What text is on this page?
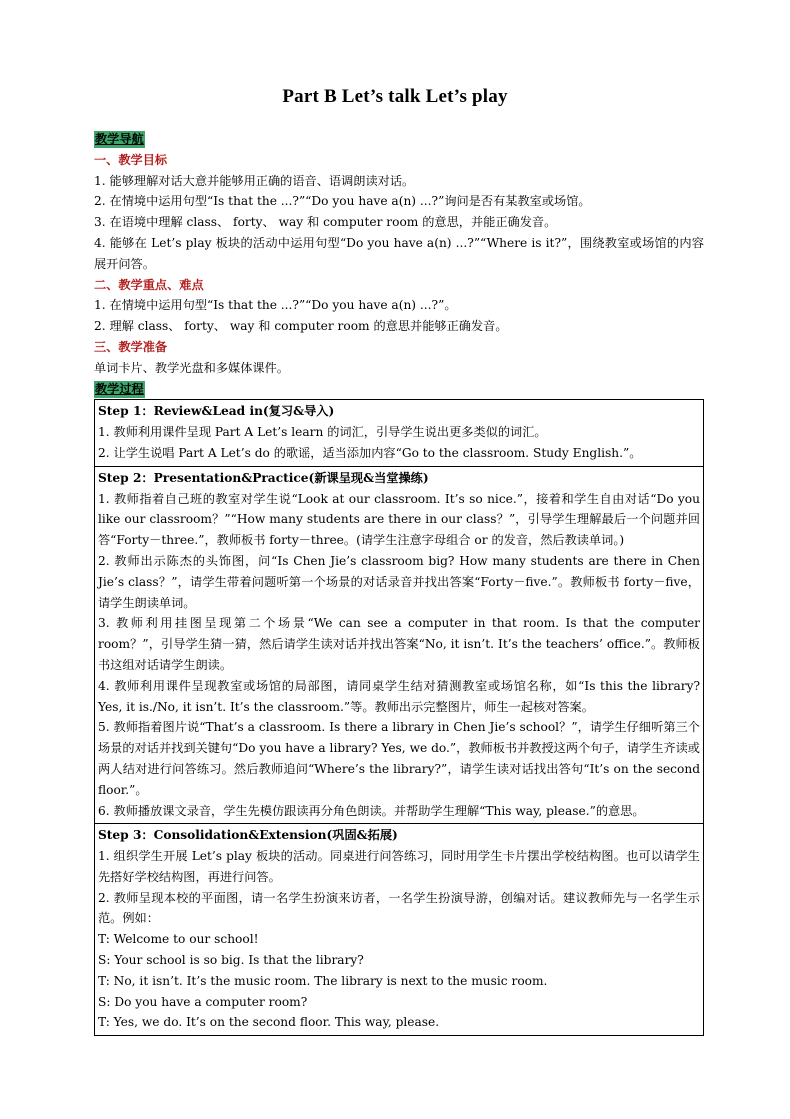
Part B Let’s talk Let’s play
教学导航
一、教学目标
1. 能够理解对话大意并能够用正确的语音、语调朗读对话。
2. 在情境中运用句型“Is that the ...?”“Do you have a(n) ...?”询问是否有某教室或场馆。
3. 在语境中理解 class、 forty、 way 和 computer room 的意思，并能正确发音。
4. 能够在 Let’s play 板块的活动中运用句型“Do you have a(n) ...?”“Where is it?”，围绕教室或场馆的内容展开问答。
二、教学重点、难点
1. 在情境中运用句型“Is that the ...?”“Do you have a(n) ...?”。
2. 理解 class、 forty、 way 和 computer room 的意思并能够正确发音。
三、教学准备
单词卡片、教学光盘和多媒体课件。
教学过程
Step 1：Review&Lead in(复习&导入)
1. 教师利用课件呈现 Part A Let’s learn 的词汇，引导学生说出更多类似的词汇。
2. 让学生说唱 Part A Let’s do 的歌谣，适当添加内容“Go to the classroom. Study English.”。

Step 2：Presentation&Practice(新课呈现&当堂操练)
1. 教师指着自己班的教室对学生说“Look at our classroom. It’s so nice.”，接着和学生自由对话“Do you like our classroom？”“How many students are there in our class？”，引导学生理解最后一个问题并回答“Forty－three.”，教师板书 forty－three。(请学生注意字母组合 or 的发音，然后教读单词。)
2. 教师出示陈杰的头饰图，问“Is Chen Jie’s classroom big? How many students are there in Chen Jie’s class？”，请学生带着问题听第一个场景的对话录音并找出答案“Forty－five.”。教师板书 forty－five，请学生朗读单词。
3. 教师利用挂图呈现第二个场景“We can see a computer in that room. Is that the computer room？”，引导学生猜一猜，然后请学生读对话并找出答案“No, it isn’t. It’s the teachers’ office.”。教师板书这组对话请学生朗读。
4. 教师利用课件呈现教室或场馆的局部图，请同桌学生结对猜测教室或场馆名称，如“Is this the library? Yes, it is./No, it isn’t. It’s the classroom.”等。教师出示完整图片，师生一起核对答案。
5. 教师指着图片说“That’s a classroom. Is there a library in Chen Jie’s school？”，请学生仔细听第三个场景的对话并找到关键句“Do you have a library? Yes, we do.”，教师板书并教授这两个句子，请学生齐读或两人结对进行问答练习。然后教师追问“Where’s the library?”，请学生读对话找出答句“It’s on the second floor.”。
6. 教师播放课文录音，学生先模仿跟读再分角色朗读。并帮助学生理解“This way, please.”的意思。

Step 3：Consolidation&Extension(巩固&拓展)
1. 组织学生开展 Let’s play 板块的活动。同桌进行问答练习，同时用学生卡片摆出学校结构图。也可以请学生先搭好学校结构图，再进行问答。
2. 教师呈现本校的平面图，请一名学生扮演来访者，一名学生扮演导游，创编对话。建议教师先与一名学生示范。例如：
T: Welcome to our school!
S: Your school is so big. Is that the library?
T: No, it isn’t. It’s the music room. The library is next to the music room.
S: Do you have a computer room?
T: Yes, we do. It’s on the second floor. This way, please.
